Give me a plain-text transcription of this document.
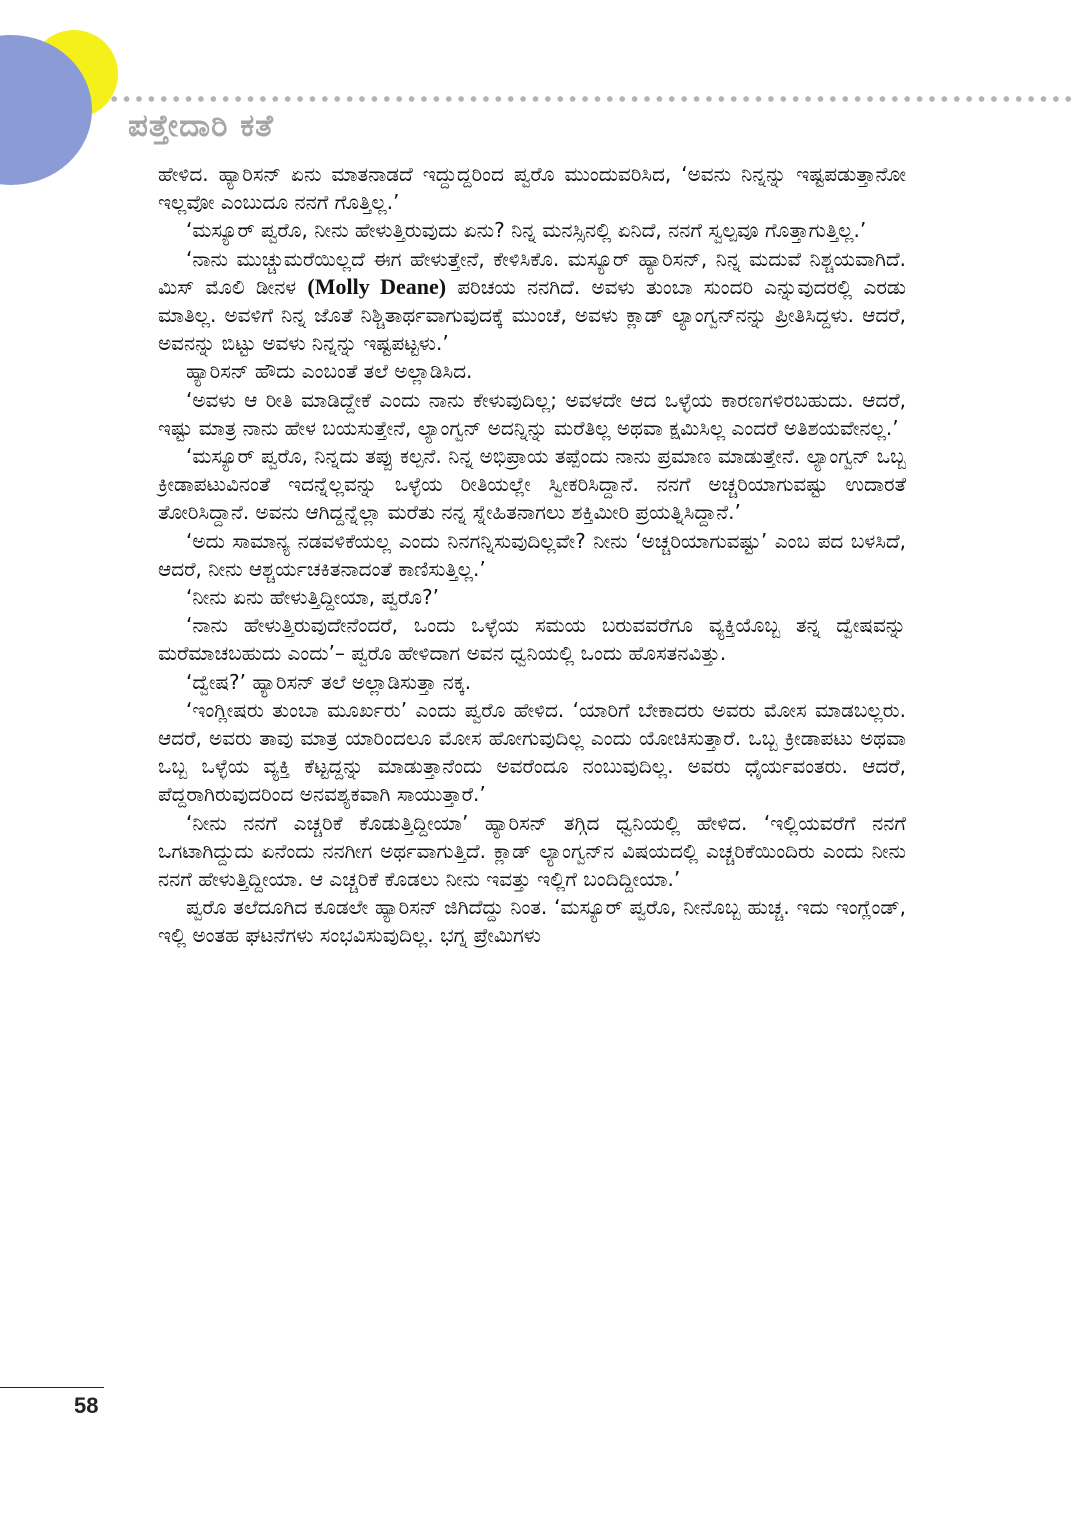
ಪತ್ತೇದಾರಿ ಕತೆ

ಹೇಳಿದ. ಹ್ಯಾರಿಸನ್ ಏನು ಮಾತನಾಡದೆ ಇದ್ದುದ್ದರಿಂದ ಪ್ವರೊ ಮುಂದುವರಿಸಿದ, ‘ಅವನು ನಿನ್ನನ್ನು ಇಷ್ಟಪಡುತ್ತಾನೋ ಇಲ್ಲವೋ ಎಂಬುದೂ ನನಗೆ ಗೊತ್ತಿಲ್ಲ.’

‘ಮಸ್ಯೂರ್ ಪ್ವರೊ, ನೀನು ಹೇಳುತ್ತಿರುವುದು ಏನು? ನಿನ್ನ ಮನಸ್ಸಿನಲ್ಲಿ ಏನಿದೆ, ನನಗೆ ಸ್ವಲ್ಪವೂ ಗೊತ್ತಾಗುತ್ತಿಲ್ಲ.’

‘ನಾನು ಮುಚ್ಚುಮರೆಯಿಲ್ಲದೆ ಈಗ ಹೇಳುತ್ತೇನೆ, ಕೇಳಿಸಿಕೊ. ಮಸ್ಯೂರ್ ಹ್ಯಾರಿಸನ್, ನಿನ್ನ ಮದುವೆ ನಿಶ್ಚಯವಾಗಿದೆ. ಮಿಸ್ ಮೊಲಿ ಡೀನಳ (Molly Deane) ಪರಿಚಯ ನನಗಿದೆ. ಅವಳು ತುಂಬಾ ಸುಂದರಿ ಎನ್ನುವುದರಲ್ಲಿ ಎರಡು ಮಾತಿಲ್ಲ. ಅವಳಿಗೆ ನಿನ್ನ ಜೊತೆ ನಿಶ್ಚಿತಾರ್ಥವಾಗುವುದಕ್ಕೆ ಮುಂಚೆ, ಅವಳು ಕ್ಲಾಡ್ ಲ್ಯಾಂಗ್ವನ್‌ನನ್ನು ಪ್ರೀತಿಸಿದ್ದಳು. ಆದರೆ, ಅವನನ್ನು ಬಿಟ್ಟು ಅವಳು ನಿನ್ನನ್ನು ಇಷ್ಟಪಟ್ಟಳು.’

ಹ್ಯಾರಿಸನ್ ಹೌದು ಎಂಬಂತೆ ತಲೆ ಅಲ್ಲಾಡಿಸಿದ.

‘ಅವಳು ಆ ರೀತಿ ಮಾಡಿದ್ದೇಕೆ ಎಂದು ನಾನು ಕೇಳುವುದಿಲ್ಲ; ಅವಳದೇ ಆದ ಒಳ್ಳೆಯ ಕಾರಣಗಳಿರಬಹುದು. ಆದರೆ, ಇಷ್ಟು ಮಾತ್ರ ನಾನು ಹೇಳ ಬಯಸುತ್ತೇನೆ, ಲ್ಯಾಂಗ್ವನ್ ಅದನ್ನಿನ್ನು ಮರೆತಿಲ್ಲ ಅಥವಾ ಕ್ಷಮಿಸಿಲ್ಲ ಎಂದರೆ ಅತಿಶಯವೇನಲ್ಲ.’

‘ಮಸ್ಯೂರ್ ಪ್ವರೊ, ನಿನ್ನದು ತಪ್ಪು ಕಲ್ಪನೆ. ನಿನ್ನ ಅಭಿಪ್ರಾಯ ತಪ್ಪೆಂದು ನಾನು ಪ್ರಮಾಣ ಮಾಡುತ್ತೇನೆ. ಲ್ಯಾಂಗ್ವನ್ ಒಬ್ಬ ಕ್ರೀಡಾಪಟುವಿನಂತೆ ಇದನ್ನೆಲ್ಲವನ್ನು ಒಳ್ಳೆಯ ರೀತಿಯಲ್ಲೇ ಸ್ವೀಕರಿಸಿದ್ದಾನೆ. ನನಗೆ ಅಚ್ಚರಿಯಾಗುವಷ್ಟು ಉದಾರತೆ ತೋರಿಸಿದ್ದಾನೆ. ಅವನು ಆಗಿದ್ದನ್ನೆಲ್ಲಾ ಮರೆತು ನನ್ನ ಸ್ನೇಹಿತನಾಗಲು ಶಕ್ತಿಮೀರಿ ಪ್ರಯತ್ನಿಸಿದ್ದಾನೆ.’

‘ಅದು ಸಾಮಾನ್ಯ ನಡವಳಿಕೆಯಲ್ಲ ಎಂದು ನಿನಗನ್ನಿಸುವುದಿಲ್ಲವೇ? ನೀನು ‘ಅಚ್ಚರಿಯಾಗುವಷ್ಟು’ ಎಂಬ ಪದ ಬಳಸಿದೆ, ಆದರೆ, ನೀನು ಆಶ್ಚರ್ಯಚಕಿತನಾದಂತೆ ಕಾಣಿಸುತ್ತಿಲ್ಲ.’

‘ನೀನು ಏನು ಹೇಳುತ್ತಿದ್ದೀಯಾ, ಪ್ವರೊ?’

‘ನಾನು ಹೇಳುತ್ತಿರುವುದೇನೆಂದರೆ, ಒಂದು ಒಳ್ಳೆಯ ಸಮಯ ಬರುವವರೆಗೂ ವ್ಯಕ್ತಿಯೊಬ್ಬ ತನ್ನ ದ್ವೇಷವನ್ನು ಮರೆಮಾಚಬಹುದು ಎಂದು’– ಪ್ವರೊ ಹೇಳಿದಾಗ ಅವನ ಧ್ವನಿಯಲ್ಲಿ ಒಂದು ಹೊಸತನವಿತ್ತು.

‘ದ್ವೇಷ?’ ಹ್ಯಾರಿಸನ್ ತಲೆ ಅಲ್ಲಾಡಿಸುತ್ತಾ ನಕ್ಕ.

‘ಇಂಗ್ಲೀಷರು ತುಂಬಾ ಮೂರ್ಖರು’ ಎಂದು ಪ್ವರೊ ಹೇಳಿದ. ‘ಯಾರಿಗೆ ಬೇಕಾದರು ಅವರು ಮೋಸ ಮಾಡಬಲ್ಲರು. ಆದರೆ, ಅವರು ತಾವು ಮಾತ್ರ ಯಾರಿಂದಲೂ ಮೋಸ ಹೋಗುವುದಿಲ್ಲ ಎಂದು ಯೋಚಿಸುತ್ತಾರೆ. ಒಬ್ಬ ಕ್ರೀಡಾಪಟು ಅಥವಾ ಒಬ್ಬ ಒಳ್ಳೆಯ ವ್ಯಕ್ತಿ ಕೆಟ್ಟದ್ದನ್ನು ಮಾಡುತ್ತಾನೆಂದು ಅವರೆಂದೂ ನಂಬುವುದಿಲ್ಲ. ಅವರು ಧೈರ್ಯವಂತರು. ಆದರೆ, ಪೆದ್ದರಾಗಿರುವುದರಿಂದ ಅನವಶ್ಯಕವಾಗಿ ಸಾಯುತ್ತಾರೆ.’

‘ನೀನು ನನಗೆ ಎಚ್ಚರಿಕೆ ಕೊಡುತ್ತಿದ್ದೀಯಾ’ ಹ್ಯಾರಿಸನ್ ತಗ್ಗಿದ ಧ್ವನಿಯಲ್ಲಿ ಹೇಳಿದ. ‘ಇಲ್ಲಿಯವರೆಗೆ ನನಗೆ ಒಗಟಾಗಿದ್ದುದು ಏನೆಂದು ನನಗೀಗ ಅರ್ಥವಾಗುತ್ತಿದೆ. ಕ್ಲಾಡ್ ಲ್ಯಾಂಗ್ವನ್‌ನ ವಿಷಯದಲ್ಲಿ ಎಚ್ಚರಿಕೆಯಿಂದಿರು ಎಂದು ನೀನು ನನಗೆ ಹೇಳುತ್ತಿದ್ದೀಯಾ. ಆ ಎಚ್ಚರಿಕೆ ಕೊಡಲು ನೀನು ಇವತ್ತು ಇಲ್ಲಿಗೆ ಬಂದಿದ್ದೀಯಾ.’

ಪ್ವರೊ ತಲೆದೂಗಿದ ಕೂಡಲೇ ಹ್ಯಾರಿಸನ್ ಜಿಗಿದೆದ್ದು ನಿಂತ. ‘ಮಸ್ಯೂರ್ ಪ್ವರೊ, ನೀನೊಬ್ಬ ಹುಚ್ಚ. ಇದು ಇಂಗ್ಲೆಂಡ್, ಇಲ್ಲಿ ಅಂತಹ ಘಟನೆಗಳು ಸಂಭವಿಸುವುದಿಲ್ಲ. ಭಗ್ನ ಪ್ರೇಮಿಗಳು

58
